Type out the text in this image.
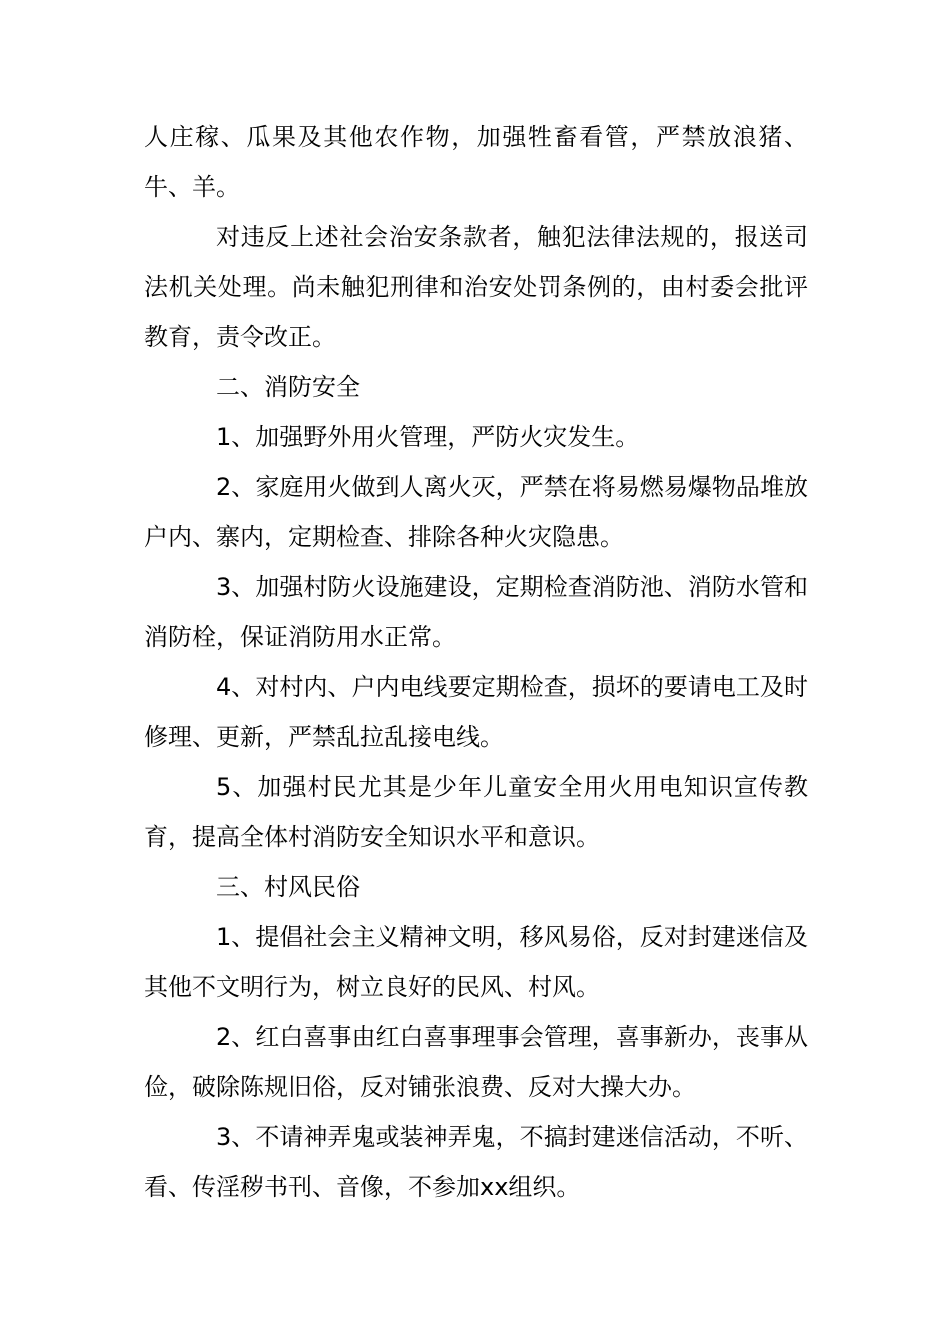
人庄稼、瓜果及其他农作物，加强牲畜看管，严禁放浪猪、牛、羊。

对违反上述社会治安条款者，触犯法律法规的，报送司法机关处理。尚未触犯刑律和治安处罚条例的，由村委会批评教育，责令改正。

二、消防安全

1、加强野外用火管理，严防火灾发生。

2、家庭用火做到人离火灭，严禁在将易燃易爆物品堆放户内、寨内，定期检查、排除各种火灾隐患。

3、加强村防火设施建设，定期检查消防池、消防水管和消防栓，保证消防用水正常。

4、对村内、户内电线要定期检查，损坏的要请电工及时修理、更新，严禁乱拉乱接电线。

5、加强村民尤其是少年儿童安全用火用电知识宣传教育，提高全体村消防安全知识水平和意识。

三、村风民俗

1、提倡社会主义精神文明，移风易俗，反对封建迷信及其他不文明行为，树立良好的民风、村风。

2、红白喜事由红白喜事理事会管理，喜事新办，丧事从俭，破除陈规旧俗，反对铺张浪费、反对大操大办。

3、不请神弄鬼或装神弄鬼，不搞封建迷信活动，不听、看、传淫秽书刊、音像，不参加xx组织。
